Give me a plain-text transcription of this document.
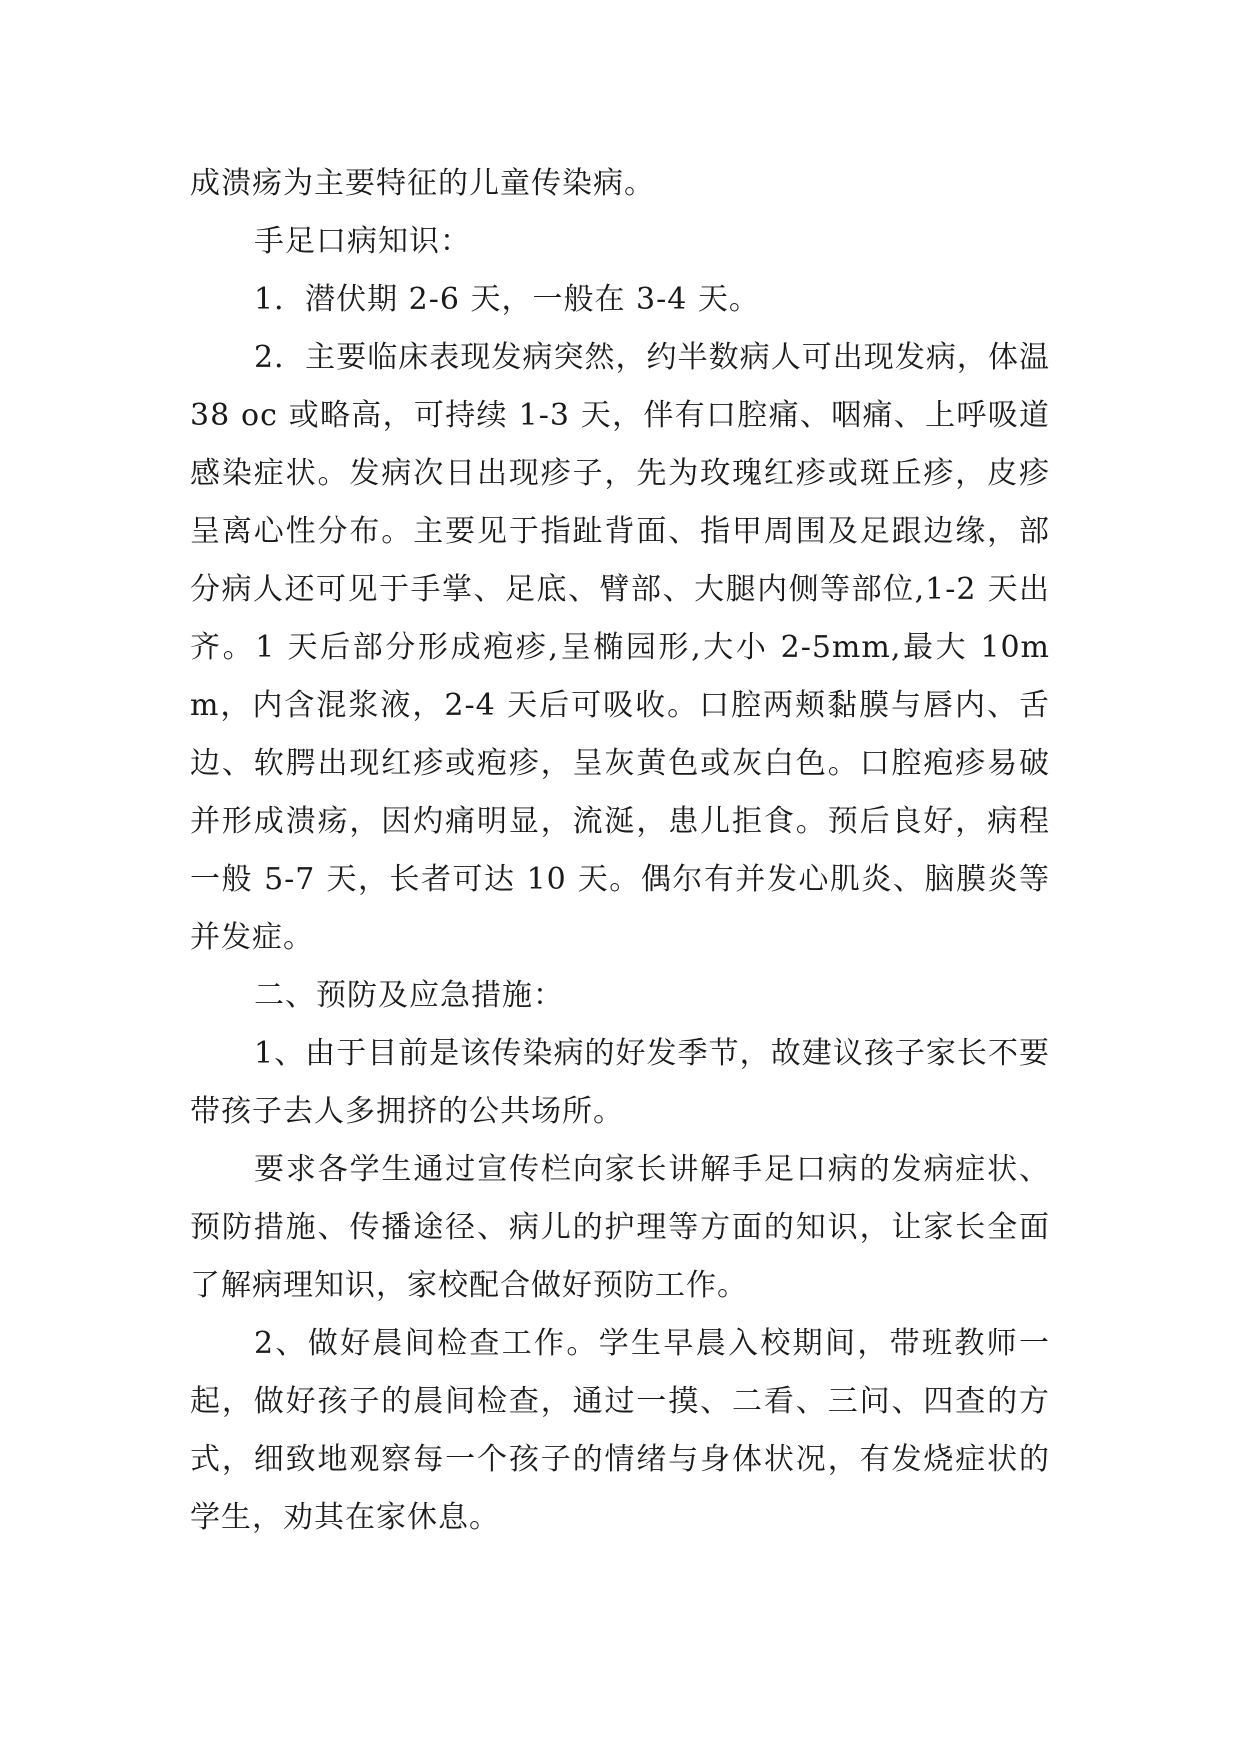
成溃疡为主要特征的儿童传染病。

手足口病知识：

1．潜伏期 2-6 天，一般在 3-4 天。

2．主要临床表现发病突然，约半数病人可出现发病，体温 38 oc 或略高，可持续 1-3 天，伴有口腔痛、咽痛、上呼吸道感染症状。发病次日出现疹子，先为玫瑰红疹或斑丘疹，皮疹呈离心性分布。主要见于指趾背面、指甲周围及足跟边缘，部分病人还可见于手掌、足底、臂部、大腿内侧等部位,1-2 天出齐。1 天后部分形成疱疹,呈椭园形,大小 2-5mm,最大 10mm，内含混浆液，2-4 天后可吸收。口腔两颊黏膜与唇内、舌边、软腭出现红疹或疱疹，呈灰黄色或灰白色。口腔疱疹易破并形成溃疡，因灼痛明显，流涎，患儿拒食。预后良好，病程一般 5-7 天，长者可达 10 天。偶尔有并发心肌炎、脑膜炎等并发症。

二、预防及应急措施：

1、由于目前是该传染病的好发季节，故建议孩子家长不要带孩子去人多拥挤的公共场所。

要求各学生通过宣传栏向家长讲解手足口病的发病症状、预防措施、传播途径、病儿的护理等方面的知识，让家长全面了解病理知识，家校配合做好预防工作。

2、做好晨间检查工作。学生早晨入校期间，带班教师一起，做好孩子的晨间检查，通过一摸、二看、三问、四查的方式，细致地观察每一个孩子的情绪与身体状况，有发烧症状的学生，劝其在家休息。
